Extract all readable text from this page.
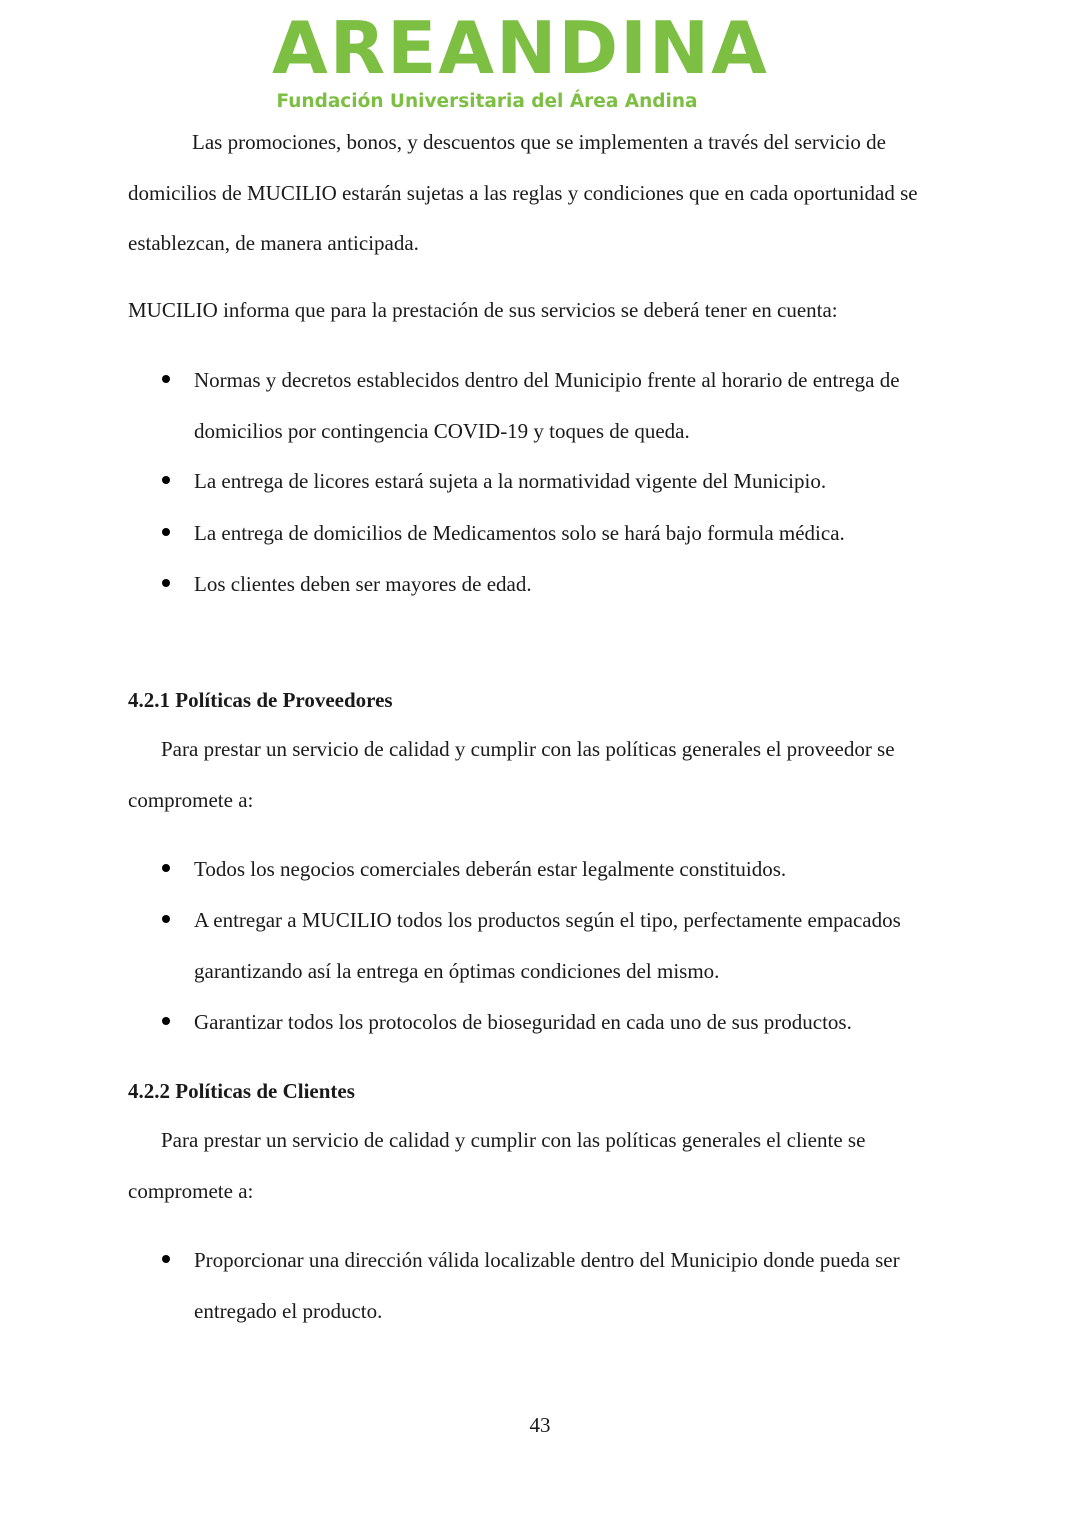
AREANDINA
Fundación Universitaria del Área Andina

Las promociones, bonos, y descuentos que se implementen a través del servicio de domicilios de MUCILIO estarán sujetas a las reglas y condiciones que en cada oportunidad se establezcan, de manera anticipada.

MUCILIO informa que para la prestación de sus servicios se deberá tener en cuenta:

Normas y decretos establecidos dentro del Municipio frente al horario de entrega de domicilios por contingencia COVID-19 y toques de queda.
La entrega de licores estará sujeta a la normatividad vigente del Municipio.
La entrega de domicilios de Medicamentos solo se hará bajo formula médica.
Los clientes deben ser mayores de edad.
4.2.1 Políticas de Proveedores

Para prestar un servicio de calidad y cumplir con las políticas generales el proveedor se compromete a:

Todos los negocios comerciales deberán estar legalmente constituidos.
A entregar a MUCILIO todos los productos según el tipo, perfectamente empacados garantizando así la entrega en óptimas condiciones del mismo.
Garantizar todos los protocolos de bioseguridad en cada uno de sus productos.
4.2.2 Políticas de Clientes

Para prestar un servicio de calidad y cumplir con las políticas generales el cliente se compromete a:

Proporcionar una dirección válida localizable dentro del Municipio donde pueda ser entregado el producto.
43
